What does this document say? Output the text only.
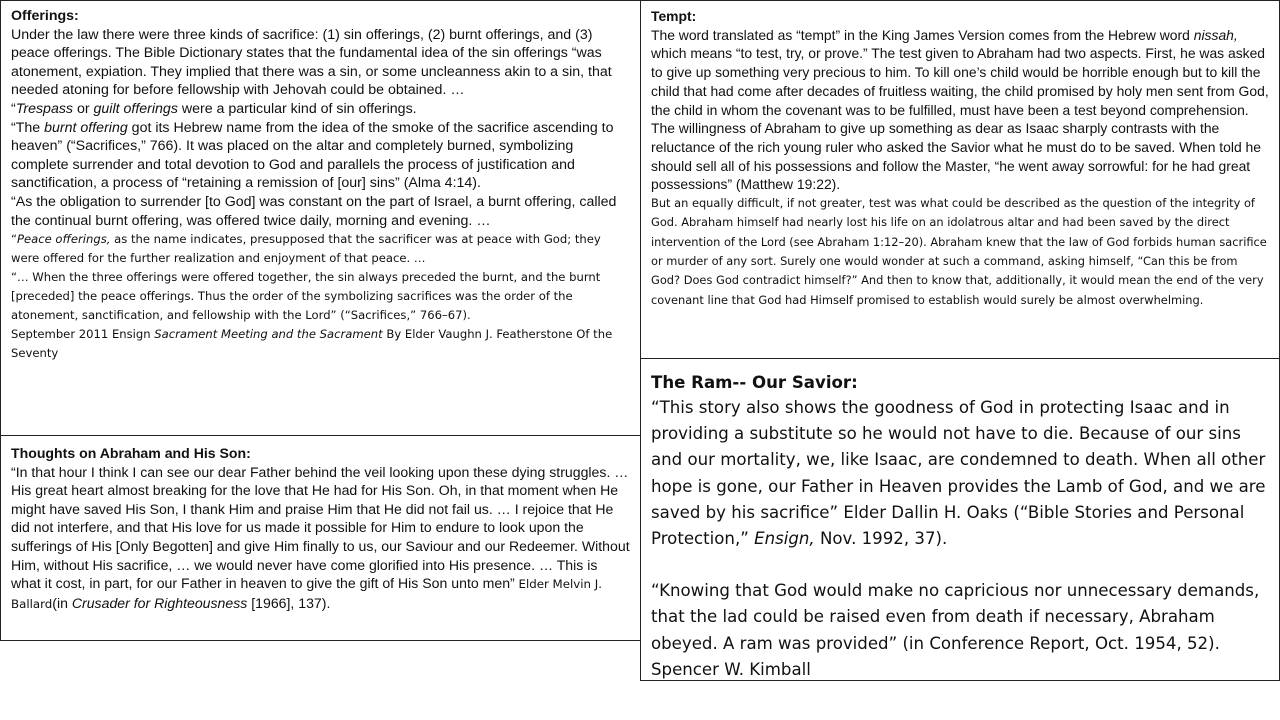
Offerings:

Under the law there were three kinds of sacrifice: (1) sin offerings, (2) burnt offerings, and (3) peace offerings. The Bible Dictionary states that the fundamental idea of the sin offerings “was atonement, expiation. They implied that there was a sin, or some uncleanness akin to a sin, that needed atoning for before fellowship with Jehovah could be obtained. …

“Trespass or guilt offerings were a particular kind of sin offerings.

“The burnt offering got its Hebrew name from the idea of the smoke of the sacrifice ascending to heaven” (“Sacrifices,” 766). It was placed on the altar and completely burned, symbolizing complete surrender and total devotion to God and parallels the process of justification and sanctification, a process of “retaining a remission of [our] sins” (Alma 4:14).

“As the obligation to surrender [to God] was constant on the part of Israel, a burnt offering, called the continual burnt offering, was offered twice daily, morning and evening. …

“Peace offerings, as the name indicates, presupposed that the sacrificer was at peace with God; they were offered for the further realization and enjoyment of that peace. …

“… When the three offerings were offered together, the sin always preceded the burnt, and the burnt [preceded] the peace offerings. Thus the order of the symbolizing sacrifices was the order of the atonement, sanctification, and fellowship with the Lord” (“Sacrifices,” 766–67).

September 2011 Ensign Sacrament Meeting and the Sacrament By Elder Vaughn J. Featherstone Of the Seventy

Thoughts on Abraham and His Son:

“In that hour I think I can see our dear Father behind the veil looking upon these dying struggles. … His great heart almost breaking for the love that He had for His Son. Oh, in that moment when He might have saved His Son, I thank Him and praise Him that He did not fail us. … I rejoice that He did not interfere, and that His love for us made it possible for Him to endure to look upon the sufferings of His [Only Begotten] and give Him finally to us, our Saviour and our Redeemer. Without Him, without His sacrifice, … we would never have come glorified into His presence. … This is what it cost, in part, for our Father in heaven to give the gift of His Son unto men” Elder Melvin J. Ballard(in Crusader for Righteousness [1966], 137).

Tempt:

The word translated as “tempt” in the King James Version comes from the Hebrew word nissah, which means “to test, try, or prove.” The test given to Abraham had two aspects. First, he was asked to give up something very precious to him. To kill one’s child would be horrible enough but to kill the child that had come after decades of fruitless waiting, the child promised by holy men sent from God, the child in whom the covenant was to be fulfilled, must have been a test beyond comprehension. The willingness of Abraham to give up something as dear as Isaac sharply contrasts with the reluctance of the rich young ruler who asked the Savior what he must do to be saved. When told he should sell all of his possessions and follow the Master, “he went away sorrowful: for he had great possessions” (Matthew 19:22).

But an equally difficult, if not greater, test was what could be described as the question of the integrity of God. Abraham himself had nearly lost his life on an idolatrous altar and had been saved by the direct intervention of the Lord (see Abraham 1:12–20). Abraham knew that the law of God forbids human sacrifice or murder of any sort. Surely one would wonder at such a command, asking himself, “Can this be from God? Does God contradict himself?” And then to know that, additionally, it would mean the end of the very covenant line that God had Himself promised to establish would surely be almost overwhelming.

The Ram-- Our Savior:

“This story also shows the goodness of God in protecting Isaac and in providing a substitute so he would not have to die. Because of our sins and our mortality, we, like Isaac, are condemned to death. When all other hope is gone, our Father in Heaven provides the Lamb of God, and we are saved by his sacrifice” Elder Dallin H. Oaks (“Bible Stories and Personal Protection,” Ensign, Nov. 1992, 37).

“Knowing that God would make no capricious nor unnecessary demands, that the lad could be raised even from death if necessary, Abraham obeyed. A ram was provided” (in Conference Report, Oct. 1954, 52). Spencer W. Kimball
